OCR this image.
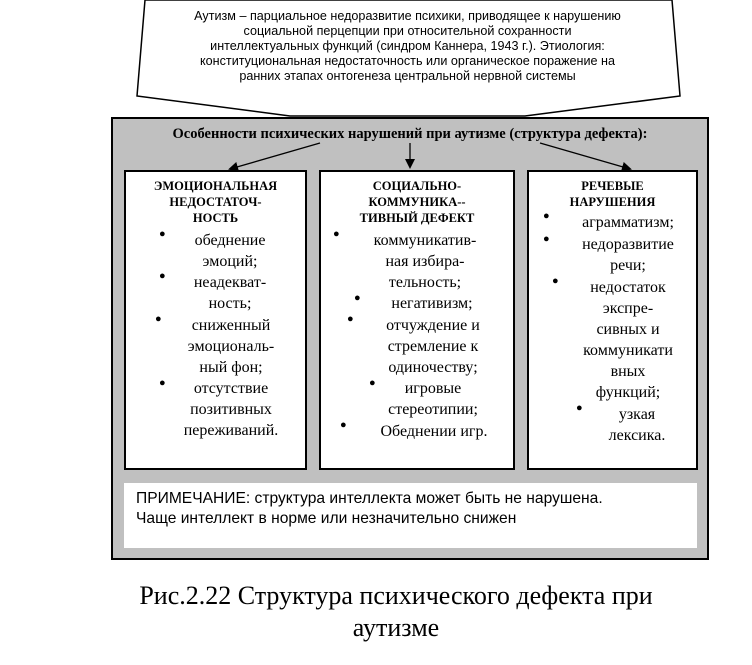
Аутизм – парциальное недоразвитие психики, приводящее к нарушению
социальной перцепции при относительной сохранности
интеллектуальных функций (синдром Каннера, 1943 г.). Этиология:
конституциональная недостаточность или органическое поражение на
ранних этапах онтогенеза центральной нервной системы
Особенности психических нарушений при аутизме (структура дефекта):
ЭМОЦИОНАЛЬНАЯ
НЕДОСТАТОЧ-
НОСТЬ
●	обеднение
эмоций;
●	неадекват-
ность;
●	сниженный
эмоциональ-
ный фон;
●	отсутствие
позитивных
переживаний.
СОЦИАЛЬНО-
КОММУНИКА--
ТИВНЫЙ ДЕФЕКТ
●	коммуникатив-
ная избира-
тельность;
●	негативизм;
●	отчуждение и
стремление к
одиночеству;
●	игровые
стереотипии;
●	Обеднении игр.
РЕЧЕВЫЕ
НАРУШЕНИЯ
●	аграмматизм;
●	недоразвитие
речи;
●	недостаток
экспре-
сивных и
коммуникати
вных
функций;
●	узкая
лексика.
ПРИМЕЧАНИЕ: структура интеллекта может быть не нарушена.
Чаще интеллект в норме или незначительно снижен
Рис.2.22 Структура психического дефекта при
аутизме
